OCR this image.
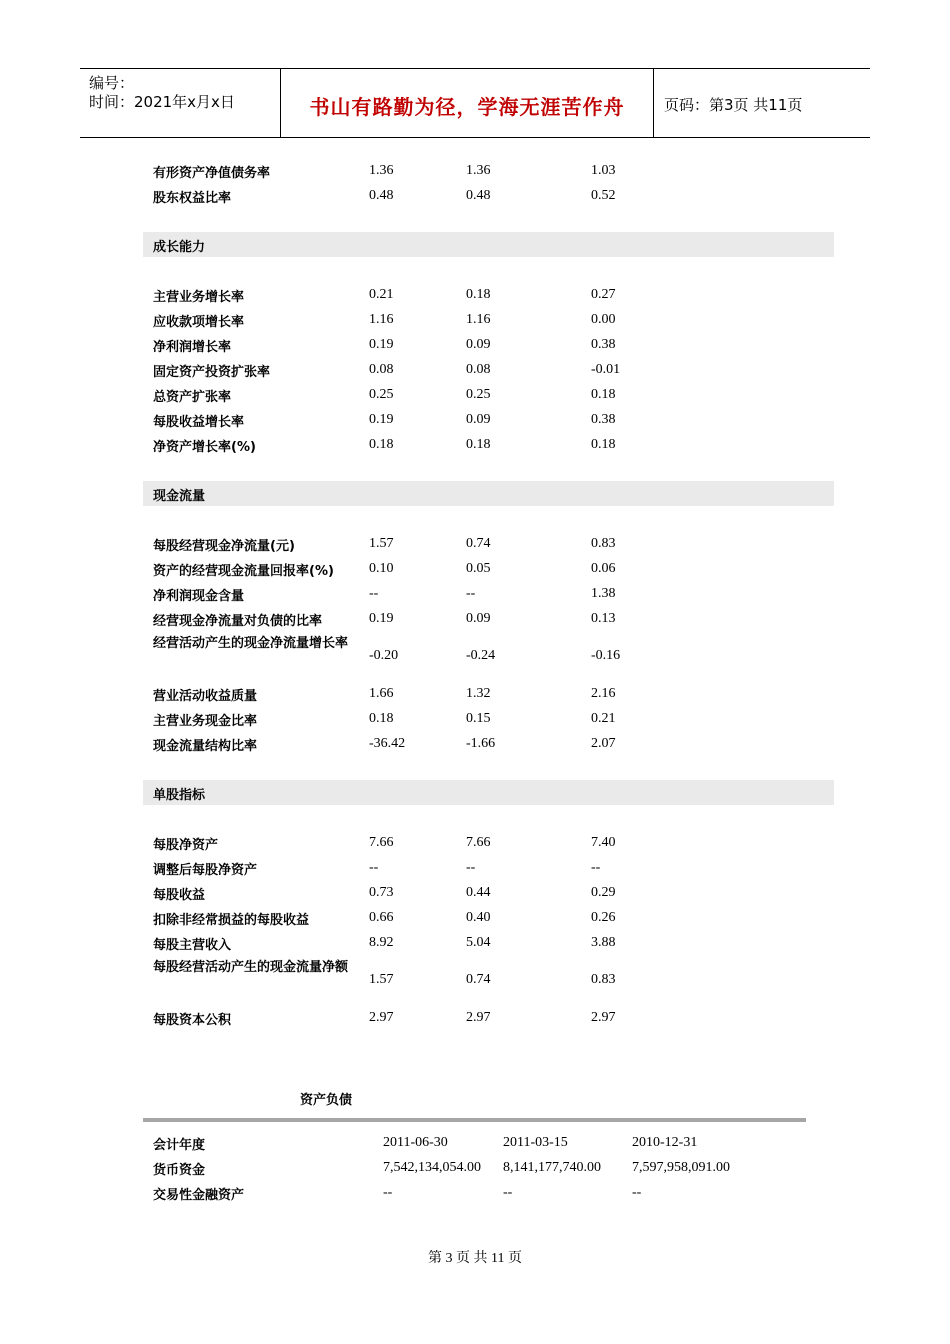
编号：
时间：2021年x月x日	书山有路勤为径，学海无涯苦作舟	页码：第3页 共11页
有形资产净值债务率	1.36	1.36	1.03
股东权益比率	0.48	0.48	0.52
成长能力
主营业务增长率	0.21	0.18	0.27
应收款项增长率	1.16	1.16	0.00
净利润增长率	0.19	0.09	0.38
固定资产投资扩张率	0.08	0.08	-0.01
总资产扩张率	0.25	0.25	0.18
每股收益增长率	0.19	0.09	0.38
净资产增长率(%)	0.18	0.18	0.18
现金流量
每股经营现金净流量(元)	1.57	0.74	0.83
资产的经营现金流量回报率(%)	0.10	0.05	0.06
净利润现金含量	--	--	1.38
经营现金净流量对负债的比率	0.19	0.09	0.13
经营活动产生的现金净流量增长率
-0.20	-0.24	-0.16
营业活动收益质量	1.66	1.32	2.16
主营业务现金比率	0.18	0.15	0.21
现金流量结构比率	-36.42	-1.66	2.07
单股指标
每股净资产	7.66	7.66	7.40
调整后每股净资产	--	--	--
每股收益	0.73	0.44	0.29
扣除非经常损益的每股收益	0.66	0.40	0.26
每股主营收入	8.92	5.04	3.88
每股经营活动产生的现金流量净额
1.57	0.74	0.83
每股资本公积	2.97	2.97	2.97
资产负债
会计年度	2011-06-30	2011-03-15	2010-12-31
货币资金	7,542,134,054.00 8,141,177,740.00 7,597,958,091.00
交易性金融资产	--	--	--
第 3 页 共 11 页
